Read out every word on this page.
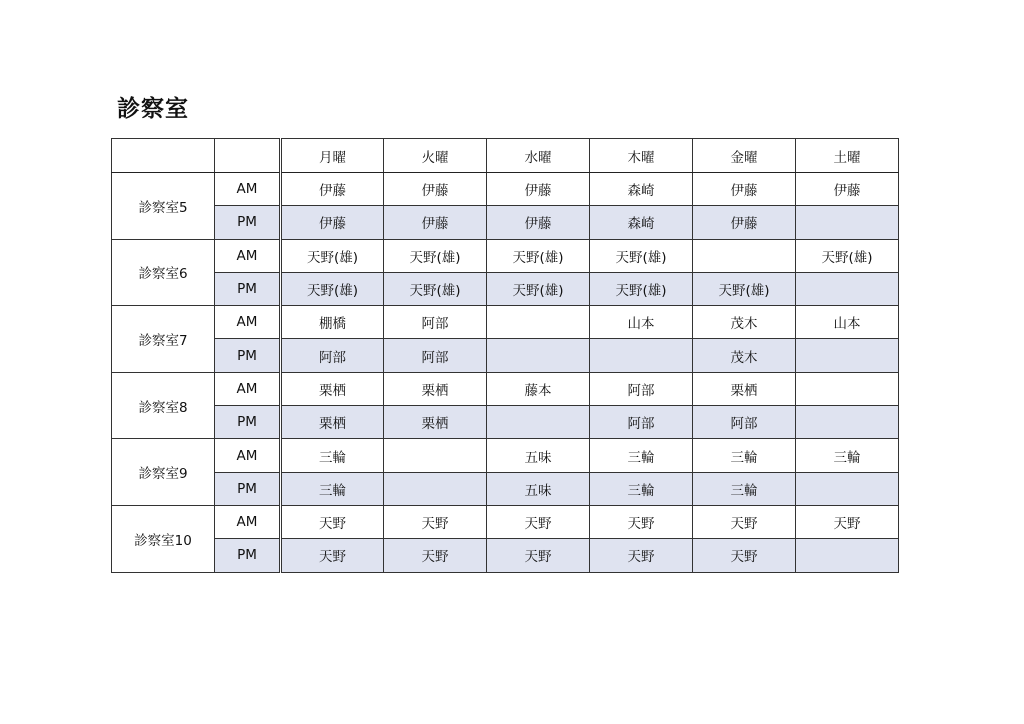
診察室
		月曜	火曜	水曜	木曜	金曜	土曜
診察室5	AM	伊藤	伊藤	伊藤	森崎	伊藤	伊藤
	PM	伊藤	伊藤	伊藤	森崎	伊藤	
診察室6	AM	天野(雄)	天野(雄)	天野(雄)	天野(雄)		天野(雄)
	PM	天野(雄)	天野(雄)	天野(雄)	天野(雄)	天野(雄)	
診察室7	AM	棚橋	阿部		山本	茂木	山本
	PM	阿部	阿部			茂木	
診察室8	AM	栗栖	栗栖	藤本	阿部	栗栖	
	PM	栗栖	栗栖		阿部	阿部	
診察室9	AM	三輪		五味	三輪	三輪	三輪
	PM	三輪		五味	三輪	三輪	
診察室10	AM	天野	天野	天野	天野	天野	天野
	PM	天野	天野	天野	天野	天野	
